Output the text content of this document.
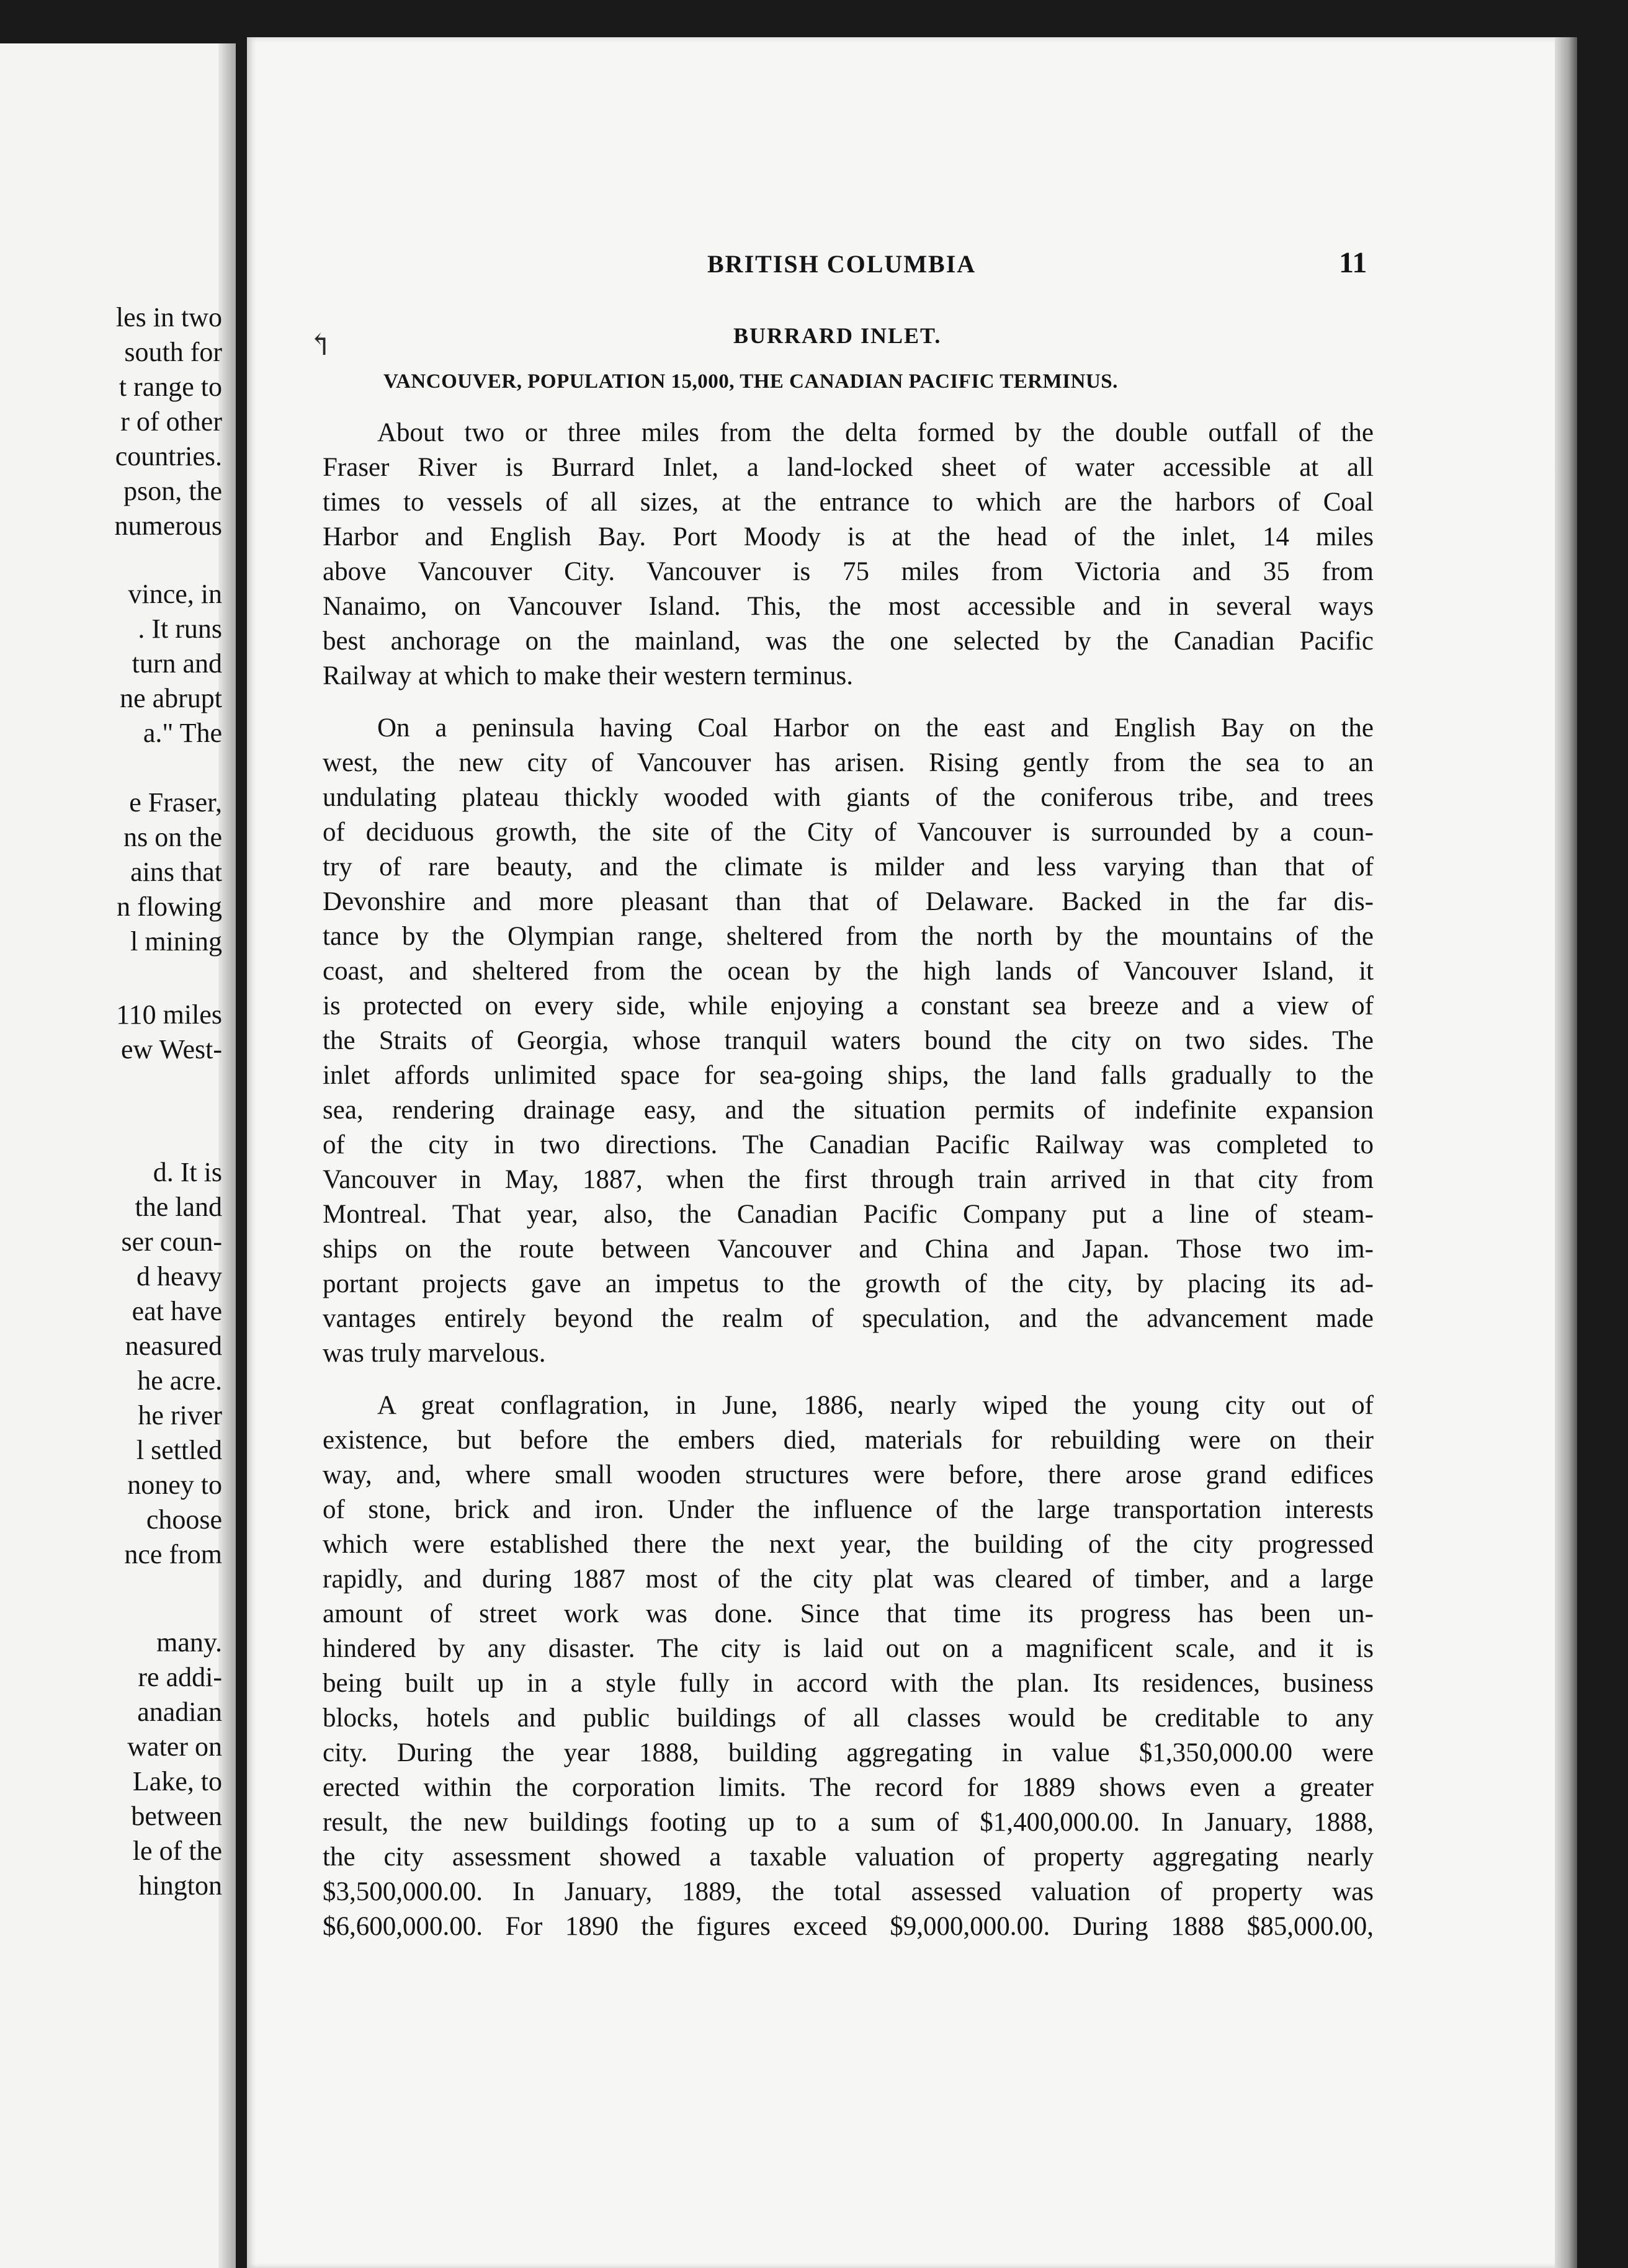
les in two
south for
t range to
r of other
countries.
pson, the
numerous
vince, in
. It runs
turn and
ne abrupt
a." The
e Fraser,
ns on the
ains that
n flowing
l mining
110 miles
ew West-
d. It is
the land
ser coun-
d heavy
eat have
neasured
he acre.
he river
l settled
noney to
choose
nce from
many.
re addi-
anadian
water on
Lake, to
between
le of the
hington
BRITISH COLUMBIA	11
↰	BURRARD INLET.
VANCOUVER, POPULATION 15,000, THE CANADIAN PACIFIC TERMINUS.
About two or three miles from the delta formed by the double outfall of the
Fraser River is Burrard Inlet, a land-locked sheet of water accessible at all
times to vessels of all sizes, at the entrance to which are the harbors of Coal
Harbor and English Bay. Port Moody is at the head of the inlet, 14 miles
above Vancouver City. Vancouver is 75 miles from Victoria and 35 from
Nanaimo, on Vancouver Island. This, the most accessible and in several ways
best anchorage on the mainland, was the one selected by the Canadian Pacific
Railway at which to make their western terminus.
On a peninsula having Coal Harbor on the east and English Bay on the
west, the new city of Vancouver has arisen. Rising gently from the sea to an
undulating plateau thickly wooded with giants of the coniferous tribe, and trees
of deciduous growth, the site of the City of Vancouver is surrounded by a coun-
try of rare beauty, and the climate is milder and less varying than that of
Devonshire and more pleasant than that of Delaware. Backed in the far dis-
tance by the Olympian range, sheltered from the north by the mountains of the
coast, and sheltered from the ocean by the high lands of Vancouver Island, it
is protected on every side, while enjoying a constant sea breeze and a view of
the Straits of Georgia, whose tranquil waters bound the city on two sides. The
inlet affords unlimited space for sea-going ships, the land falls gradually to the
sea, rendering drainage easy, and the situation permits of indefinite expansion
of the city in two directions. The Canadian Pacific Railway was completed to
Vancouver in May, 1887, when the first through train arrived in that city from
Montreal. That year, also, the Canadian Pacific Company put a line of steam-
ships on the route between Vancouver and China and Japan. Those two im-
portant projects gave an impetus to the growth of the city, by placing its ad-
vantages entirely beyond the realm of speculation, and the advancement made
was truly marvelous.
A great conflagration, in June, 1886, nearly wiped the young city out of
existence, but before the embers died, materials for rebuilding were on their
way, and, where small wooden structures were before, there arose grand edifices
of stone, brick and iron. Under the influence of the large transportation interests
which were established there the next year, the building of the city progressed
rapidly, and during 1887 most of the city plat was cleared of timber, and a large
amount of street work was done. Since that time its progress has been un-
hindered by any disaster. The city is laid out on a magnificent scale, and it is
being built up in a style fully in accord with the plan. Its residences, business
blocks, hotels and public buildings of all classes would be creditable to any
city. During the year 1888, building aggregating in value $1,350,000.00 were
erected within the corporation limits. The record for 1889 shows even a greater
result, the new buildings footing up to a sum of $1,400,000.00. In January, 1888,
the city assessment showed a taxable valuation of property aggregating nearly
$3,500,000.00. In January, 1889, the total assessed valuation of property was
$6,600,000.00. For 1890 the figures exceed $9,000,000.00. During 1888 $85,000.00,
